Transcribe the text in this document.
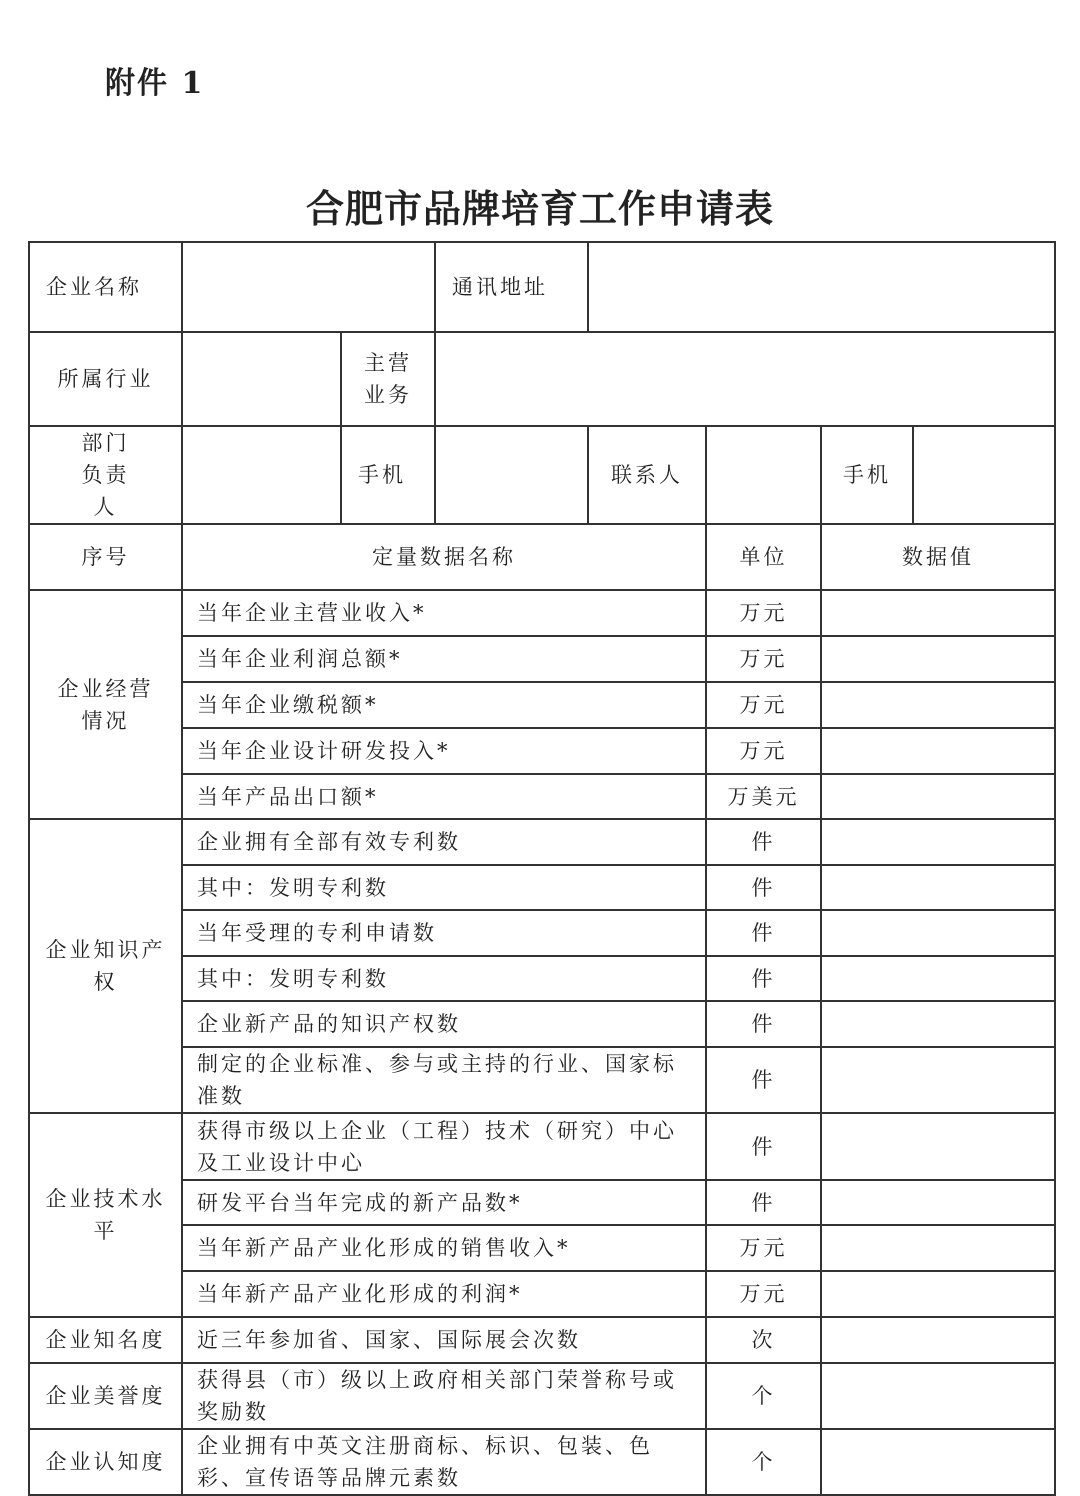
附件 1
合肥市品牌培育工作申请表
企业名称			通讯地址				
所属行业		主营业务					
部门负责人		手机		联系人		手机	
序号	定量数据名称				单位	数据值	
企业经营情况	当年企业主营业收入*				万元		
	当年企业利润总额*				万元		
	当年企业缴税额*				万元		
	当年企业设计研发投入*				万元		
	当年产品出口额*				万美元		
企业知识产权	企业拥有全部有效专利数				件		
	其中：发明专利数				件		
	当年受理的专利申请数				件		
	其中：发明专利数				件		
	企业新产品的知识产权数				件		
	制定的企业标准、参与或主持的行业、国家标准数				件		
企业技术水平	获得市级以上企业（工程）技术（研究）中心及工业设计中心				件		
	研发平台当年完成的新产品数*				件		
	当年新产品产业化形成的销售收入*				万元		
	当年新产品产业化形成的利润*				万元		
企业知名度	近三年参加省、国家、国际展会次数				次		
企业美誉度	获得县（市）级以上政府相关部门荣誉称号或奖励数				个		
企业认知度	企业拥有中英文注册商标、标识、包装、色彩、宣传语等品牌元素数				个		
